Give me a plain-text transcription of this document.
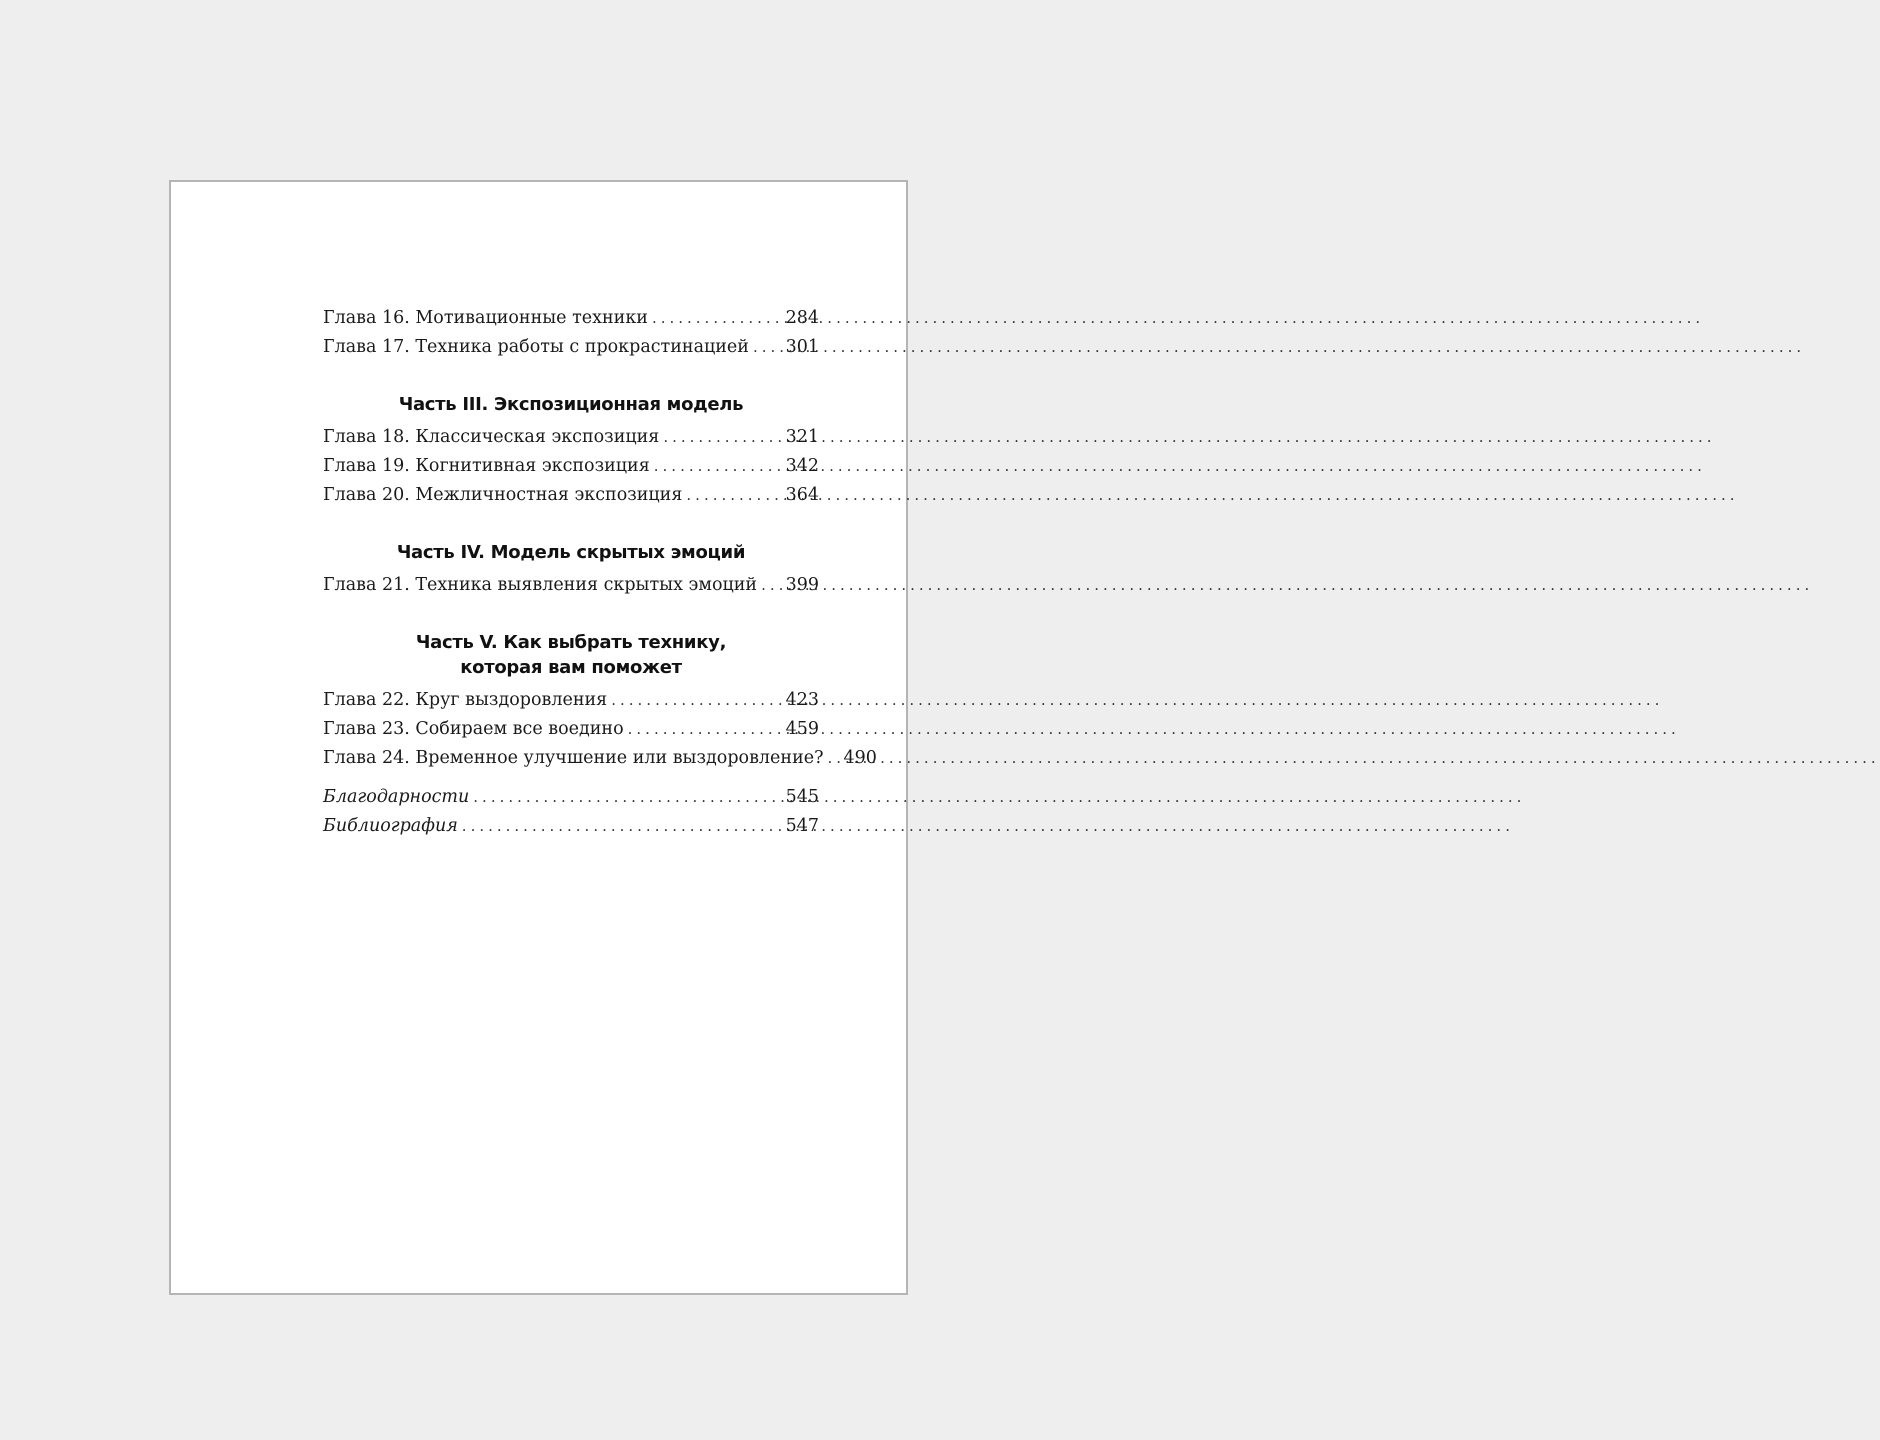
Глава 16. Мотивационные техники .....	284
Глава 17. Техника работы с прокрастинацией .....	301
Часть III. Экспозиционная модель
Глава 18. Классическая экспозиция .....	321
Глава 19. Когнитивная экспозиция .....	342
Глава 20. Межличностная экспозиция .....	364
Часть IV. Модель скрытых эмоций
Глава 21. Техника выявления скрытых эмоций .....	399
Часть V. Как выбрать технику,
которая вам поможет
Глава 22. Круг выздоровления .....	423
Глава 23. Собираем все воедино .....	459
Глава 24. Временное улучшение или выздоровление? .....	490
Благодарности .....	545
Библиография .....	547
